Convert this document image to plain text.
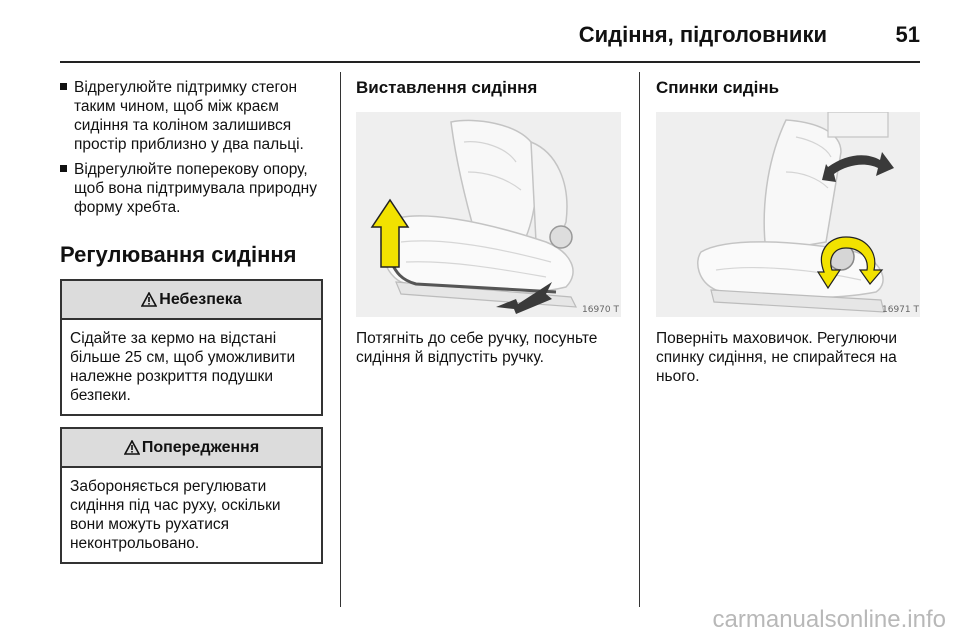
Сидіння, підголовники	51
Відрегулюйте підтримку стегон таким чином, щоб між краєм сидіння та коліном залишився простір приблизно у два пальці.
Відрегулюйте поперекову опору, щоб вона підтримувала природну форму хребта.
Регулювання сидіння
Небезпека
Сідайте за кермо на відстані більше 25 см, щоб уможливити належне розкриття подушки безпеки.
Попередження
Забороняється регулювати сидіння під час руху, оскільки вони можуть рухатися неконтрольовано.
Виставлення сидіння
16970 T
Потягніть до себе ручку, посуньте сидіння й відпустіть ручку.
Спинки сидінь
16971 T
Поверніть маховичок. Регулюючи спинку сидіння, не спирайтеся на нього.
carmanualsonline.info
